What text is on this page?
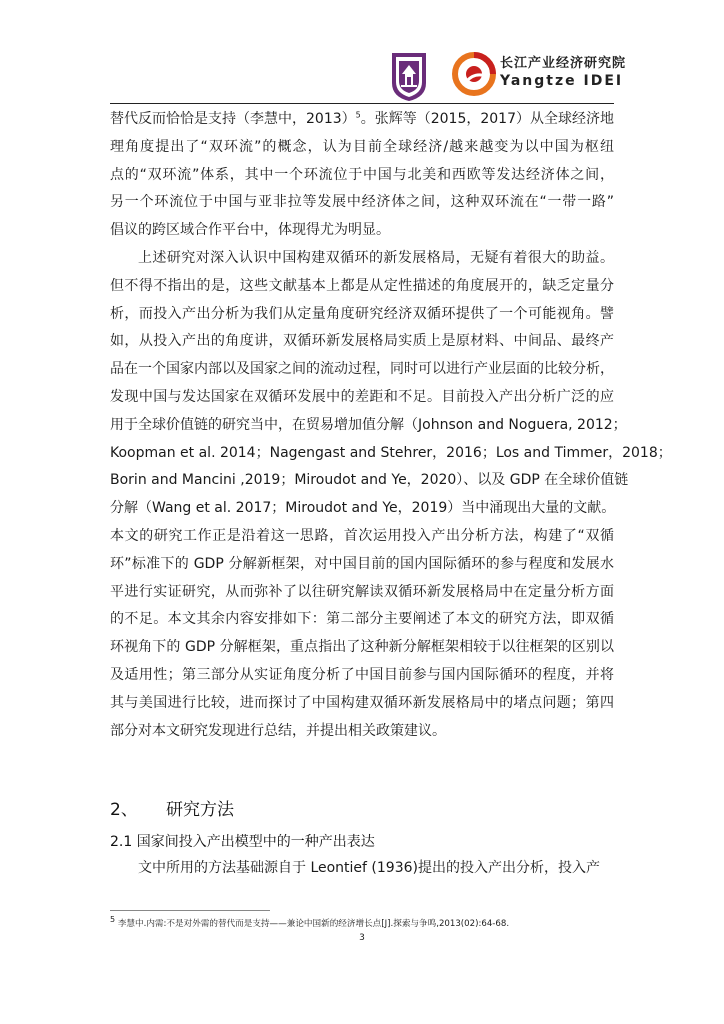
长江产业经济研究院
Yangtze IDEI
替代反而恰恰是支持（李慧中，2013）$^5$。张辉等（2015，2017）从全球经济地
理角度提出了“双环流”的概念，认为目前全球经济/越来越变为以中国为枢纽
点的“双环流”体系，其中一个环流位于中国与北美和西欧等发达经济体之间，
另一个环流位于中国与亚非拉等发展中经济体之间，这种双环流在“一带一路”
倡议的跨区域合作平台中，体现得尤为明显。
上述研究对深入认识中国构建双循环的新发展格局，无疑有着很大的助益。
但不得不指出的是，这些文献基本上都是从定性描述的角度展开的，缺乏定量分
析，而投入产出分析为我们从定量角度研究经济双循环提供了一个可能视角。譬
如，从投入产出的角度讲，双循环新发展格局实质上是原材料、中间品、最终产
品在一个国家内部以及国家之间的流动过程，同时可以进行产业层面的比较分析，
发现中国与发达国家在双循环发展中的差距和不足。目前投入产出分析广泛的应
用于全球价值链的研究当中，在贸易增加值分解（Johnson and Noguera, 2012；
Koopman et al. 2014；Nagengast and Stehrer，2016；Los and Timmer，2018；
Borin and Mancini ,2019；Miroudot and Ye，2020）、以及 GDP 在全球价值链
分解（Wang et al. 2017；Miroudot and Ye，2019）当中涌现出大量的文献。
本文的研究工作正是沿着这一思路，首次运用投入产出分析方法，构建了“双循
环”标准下的 GDP 分解新框架，对中国目前的国内国际循环的参与程度和发展水
平进行实证研究，从而弥补了以往研究解读双循环新发展格局中在定量分析方面
的不足。本文其余内容安排如下：第二部分主要阐述了本文的研究方法，即双循
环视角下的 GDP 分解框架，重点指出了这种新分解框架相较于以往框架的区别以
及适用性；第三部分从实证角度分析了中国目前参与国内国际循环的程度，并将
其与美国进行比较，进而探讨了中国构建双循环新发展格局中的堵点问题；第四
部分对本文研究发现进行总结，并提出相关政策建议。
2、 研究方法
2.1 国家间投入产出模型中的一种产出表达
文中所用的方法基础源自于 Leontief (1936)提出的投入产出分析，投入产
$^5$ 李慧中.内需:不是对外需的替代而是支持——兼论中国新的经济增长点[J].探索与争鸣,2013(02):64-68.
3
